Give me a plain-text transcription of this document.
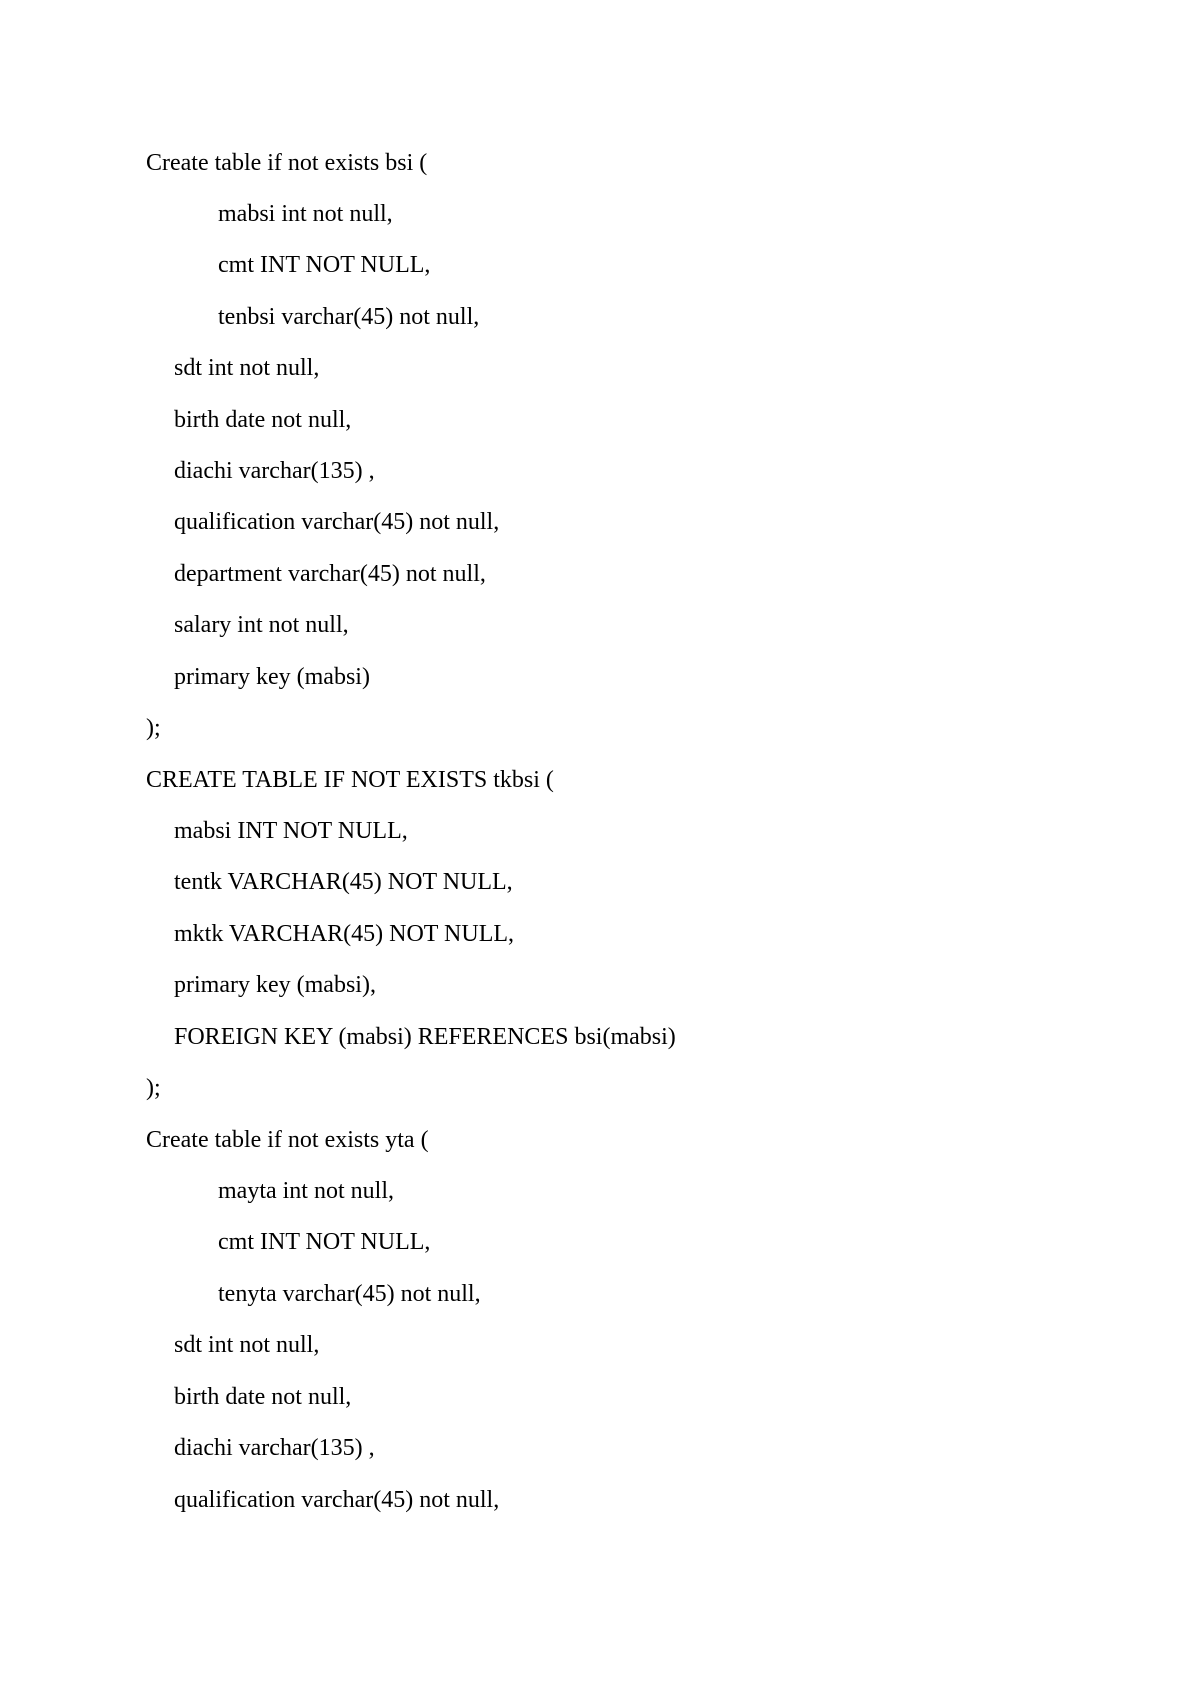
Create table if not exists bsi (

mabsi int not null,

cmt INT NOT NULL,

tenbsi varchar(45) not null,

sdt int not null,

birth date not null,

diachi varchar(135) ,

qualification varchar(45) not null,

department varchar(45) not null,

salary int not null,

primary key (mabsi)

);

CREATE TABLE IF NOT EXISTS tkbsi (

mabsi INT NOT NULL,

tentk VARCHAR(45) NOT NULL,

mktk VARCHAR(45) NOT NULL,

primary key (mabsi),

FOREIGN KEY (mabsi) REFERENCES bsi(mabsi)

);

Create table if not exists yta (

mayta int not null,

cmt INT NOT NULL,

tenyta varchar(45) not null,

sdt int not null,

birth date not null,

diachi varchar(135) ,

qualification varchar(45) not null,
